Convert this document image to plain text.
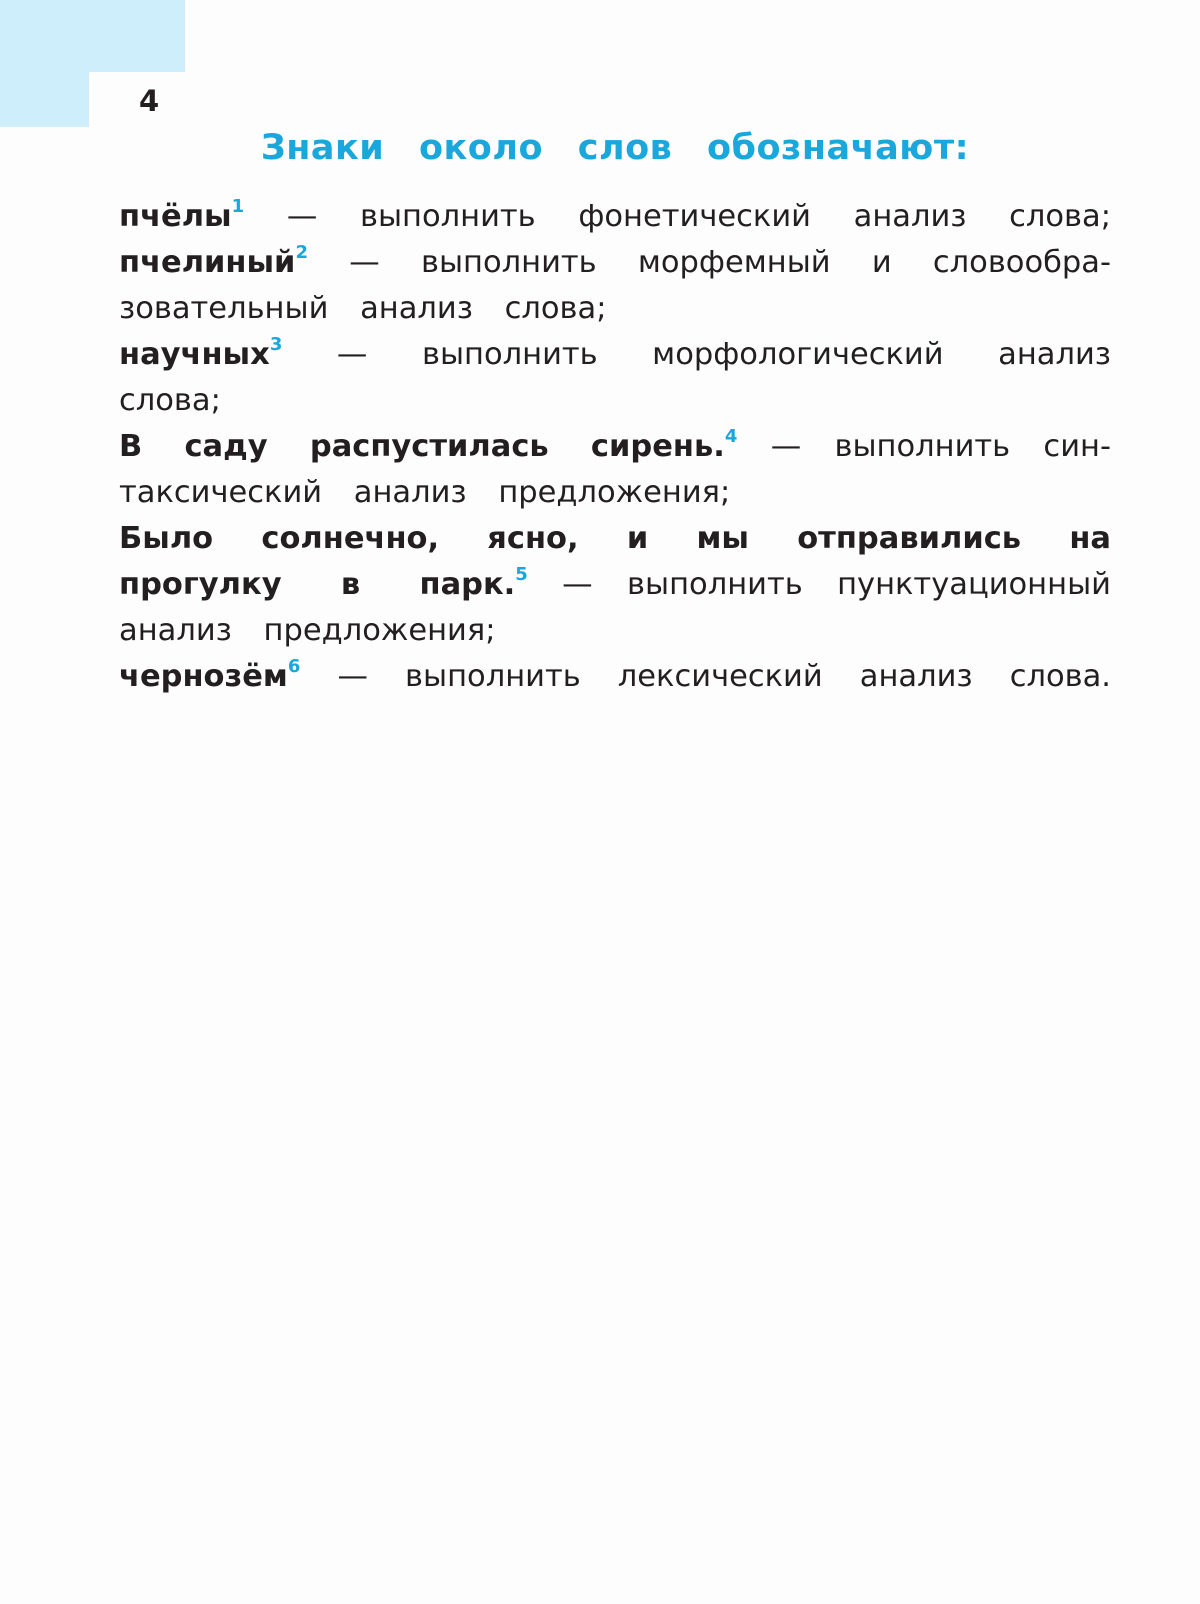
4
Знаки около слов обозначают:
пчёлы$^1$ — выполнить фонетический анализ слова;
пчелиный$^2$ — выполнить морфемный и словообра-
зовательный анализ слова;
научных$^3$ — выполнить морфологический анализ
слова;
В саду распустилась сирень.$^4$ — выполнить син-
таксический анализ предложения;
Было солнечно, ясно, и мы отправились на
прогулку в парк.$^5$ — выполнить пунктуационный
анализ предложения;
чернозём$^6$ — выполнить лексический анализ слова.
